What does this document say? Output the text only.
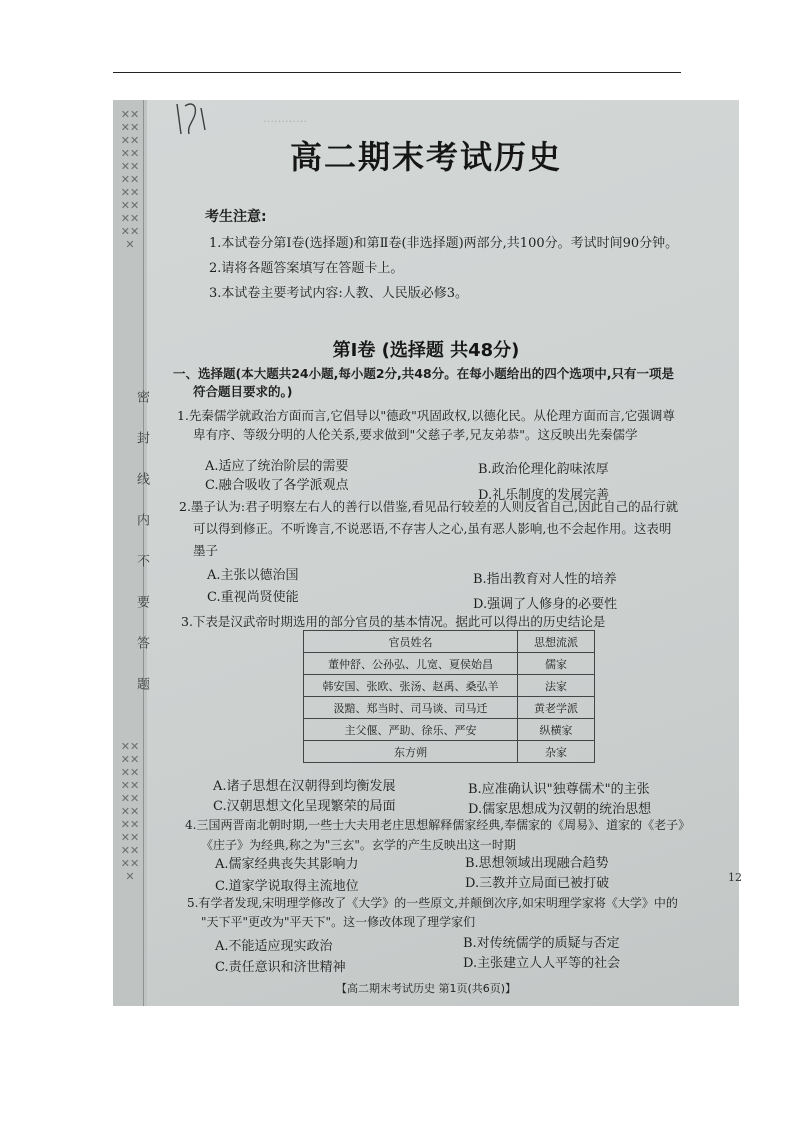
✕✕✕✕✕✕✕✕✕✕✕✕✕✕✕✕✕✕✕✕✕
✕✕✕✕✕✕✕✕✕✕✕✕✕✕✕✕✕✕✕✕✕
密封线内不要答题
…………
高二期末考试历史
考生注意:
1.本试卷分第Ⅰ卷(选择题)和第Ⅱ卷(非选择题)两部分,共100分。考试时间90分钟。
2.请将各题答案填写在答题卡上。
3.本试卷主要考试内容:人教、人民版必修3。
第Ⅰ卷 (选择题 共48分)
一、选择题(本大题共24小题,每小题2分,共48分。在每小题给出的四个选项中,只有一项是
符合题目要求的。)
1.先秦儒学就政治方面而言,它倡导以"德政"巩固政权,以德化民。从伦理方面而言,它强调尊
卑有序、等级分明的人伦关系,要求做到"父慈子孝,兄友弟恭"。这反映出先秦儒学
A.适应了统治阶层的需要	B.政治伦理化韵味浓厚
C.融合吸收了各学派观点
D.礼乐制度的发展完善
2.墨子认为:君子明察左右人的善行以借鉴,看见品行较差的人则反省自己,因此自己的品行就
可以得到修正。不听谗言,不说恶语,不存害人之心,虽有恶人影响,也不会起作用。这表明
墨子
A.主张以德治国	B.指出教育对人性的培养
C.重视尚贤使能	D.强调了人修身的必要性
3.下表是汉武帝时期选用的部分官员的基本情况。据此可以得出的历史结论是
官员姓名	思想流派
董仲舒、公孙弘、儿宽、夏侯始昌	儒家
韩安国、张欧、张汤、赵禹、桑弘羊	法家
汲黯、郑当时、司马谈、司马迁	黄老学派
主父偃、严助、徐乐、严安	纵横家
东方朔	杂家
A.诸子思想在汉朝得到均衡发展	B.应准确认识"独尊儒术"的主张
C.汉朝思想文化呈现繁荣的局面	D.儒家思想成为汉朝的统治思想
4.三国两晋南北朝时期,一些士大夫用老庄思想解释儒家经典,奉儒家的《周易》、道家的《老子》
《庄子》为经典,称之为"三玄"。玄学的产生反映出这一时期
A.儒家经典丧失其影响力	B.思想领域出现融合趋势
C.道家学说取得主流地位	D.三教并立局面已被打破	12
5.有学者发现,宋明理学修改了《大学》的一些原文,并颠倒次序,如宋明理学家将《大学》中的
"天下平"更改为"平天下"。这一修改体现了理学家们
A.不能适应现实政治	B.对传统儒学的质疑与否定
C.责任意识和济世精神	D.主张建立人人平等的社会
【高二期末考试历史 第1页(共6页)】
